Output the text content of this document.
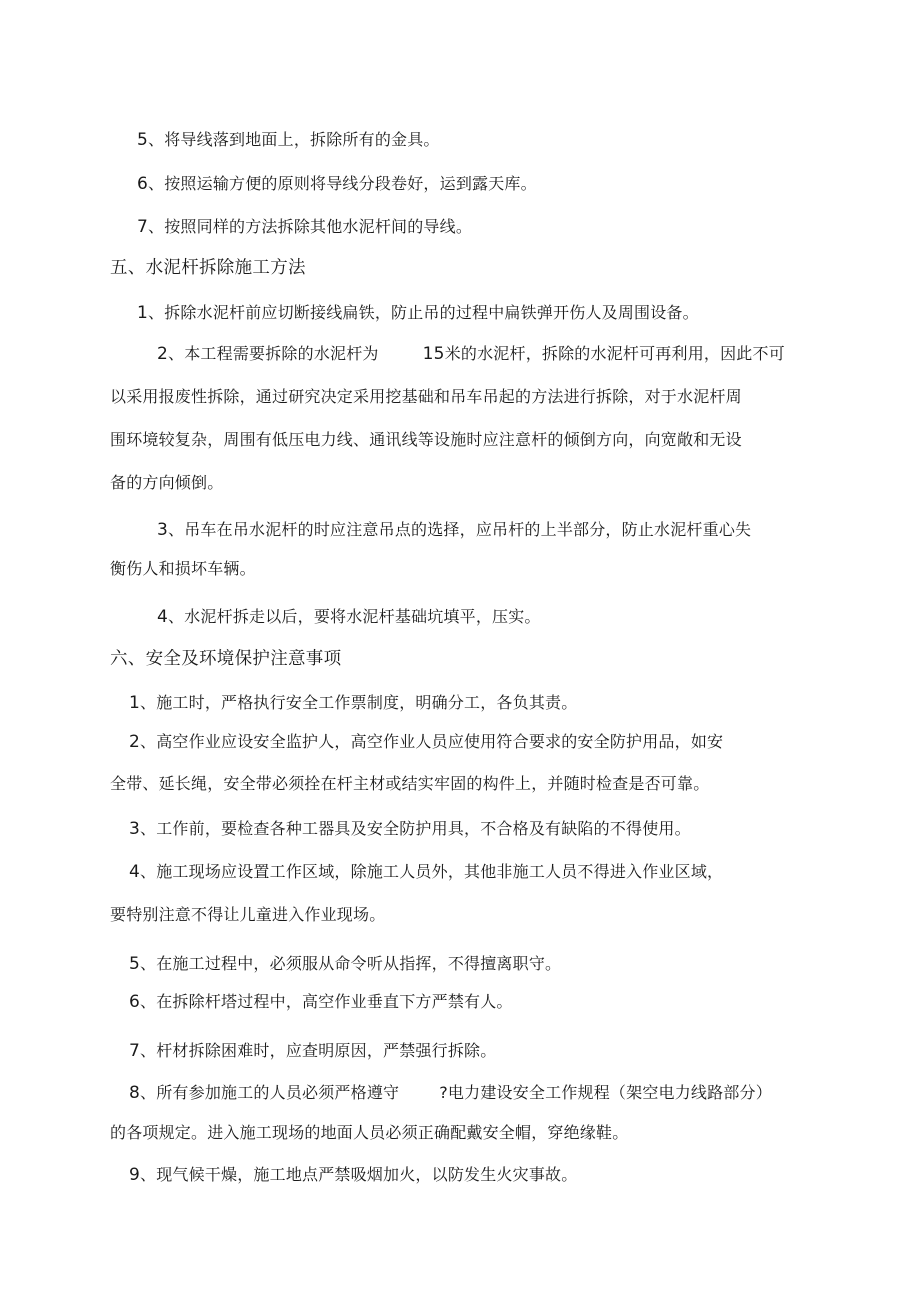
5、将导线落到地面上，拆除所有的金具。
6、按照运输方便的原则将导线分段卷好，运到露天库。
7、按照同样的方法拆除其他水泥杆间的导线。
五、水泥杆拆除施工方法
1、拆除水泥杆前应切断接线扁铁，防止吊的过程中扁铁弹开伤人及周围设备。
2、本工程需要拆除的水泥杆为	15米的水泥杆，拆除的水泥杆可再利用，因此不可
以采用报废性拆除，通过研究决定采用挖基础和吊车吊起的方法进行拆除，对于水泥杆周
围环境较复杂，周围有低压电力线、通讯线等设施时应注意杆的倾倒方向，向宽敞和无设
备的方向倾倒。
3、吊车在吊水泥杆的时应注意吊点的选择，应吊杆的上半部分，防止水泥杆重心失
衡伤人和损坏车辆。
4、水泥杆拆走以后，要将水泥杆基础坑填平，压实。
六、安全及环境保护注意事项
1、施工时，严格执行安全工作票制度，明确分工，各负其责。
2、高空作业应设安全监护人，高空作业人员应使用符合要求的安全防护用品，如安
全带、延长绳，安全带必须拴在杆主材或结实牢固的构件上，并随时检查是否可靠。
3、工作前，要检查各种工器具及安全防护用具，不合格及有缺陷的不得使用。
4、施工现场应设置工作区域，除施工人员外，其他非施工人员不得进入作业区域，
要特别注意不得让儿童进入作业现场。
5、在施工过程中，必须服从命令听从指挥，不得擅离职守。
6、在拆除杆塔过程中，高空作业垂直下方严禁有人。
7、杆材拆除困难时，应查明原因，严禁强行拆除。
8、所有参加施工的人员必须严格遵守	?电力建设安全工作规程（架空电力线路部分）
的各项规定。进入施工现场的地面人员必须正确配戴安全帽，穿绝缘鞋。
9、现气候干燥，施工地点严禁吸烟加火，以防发生火灾事故。
